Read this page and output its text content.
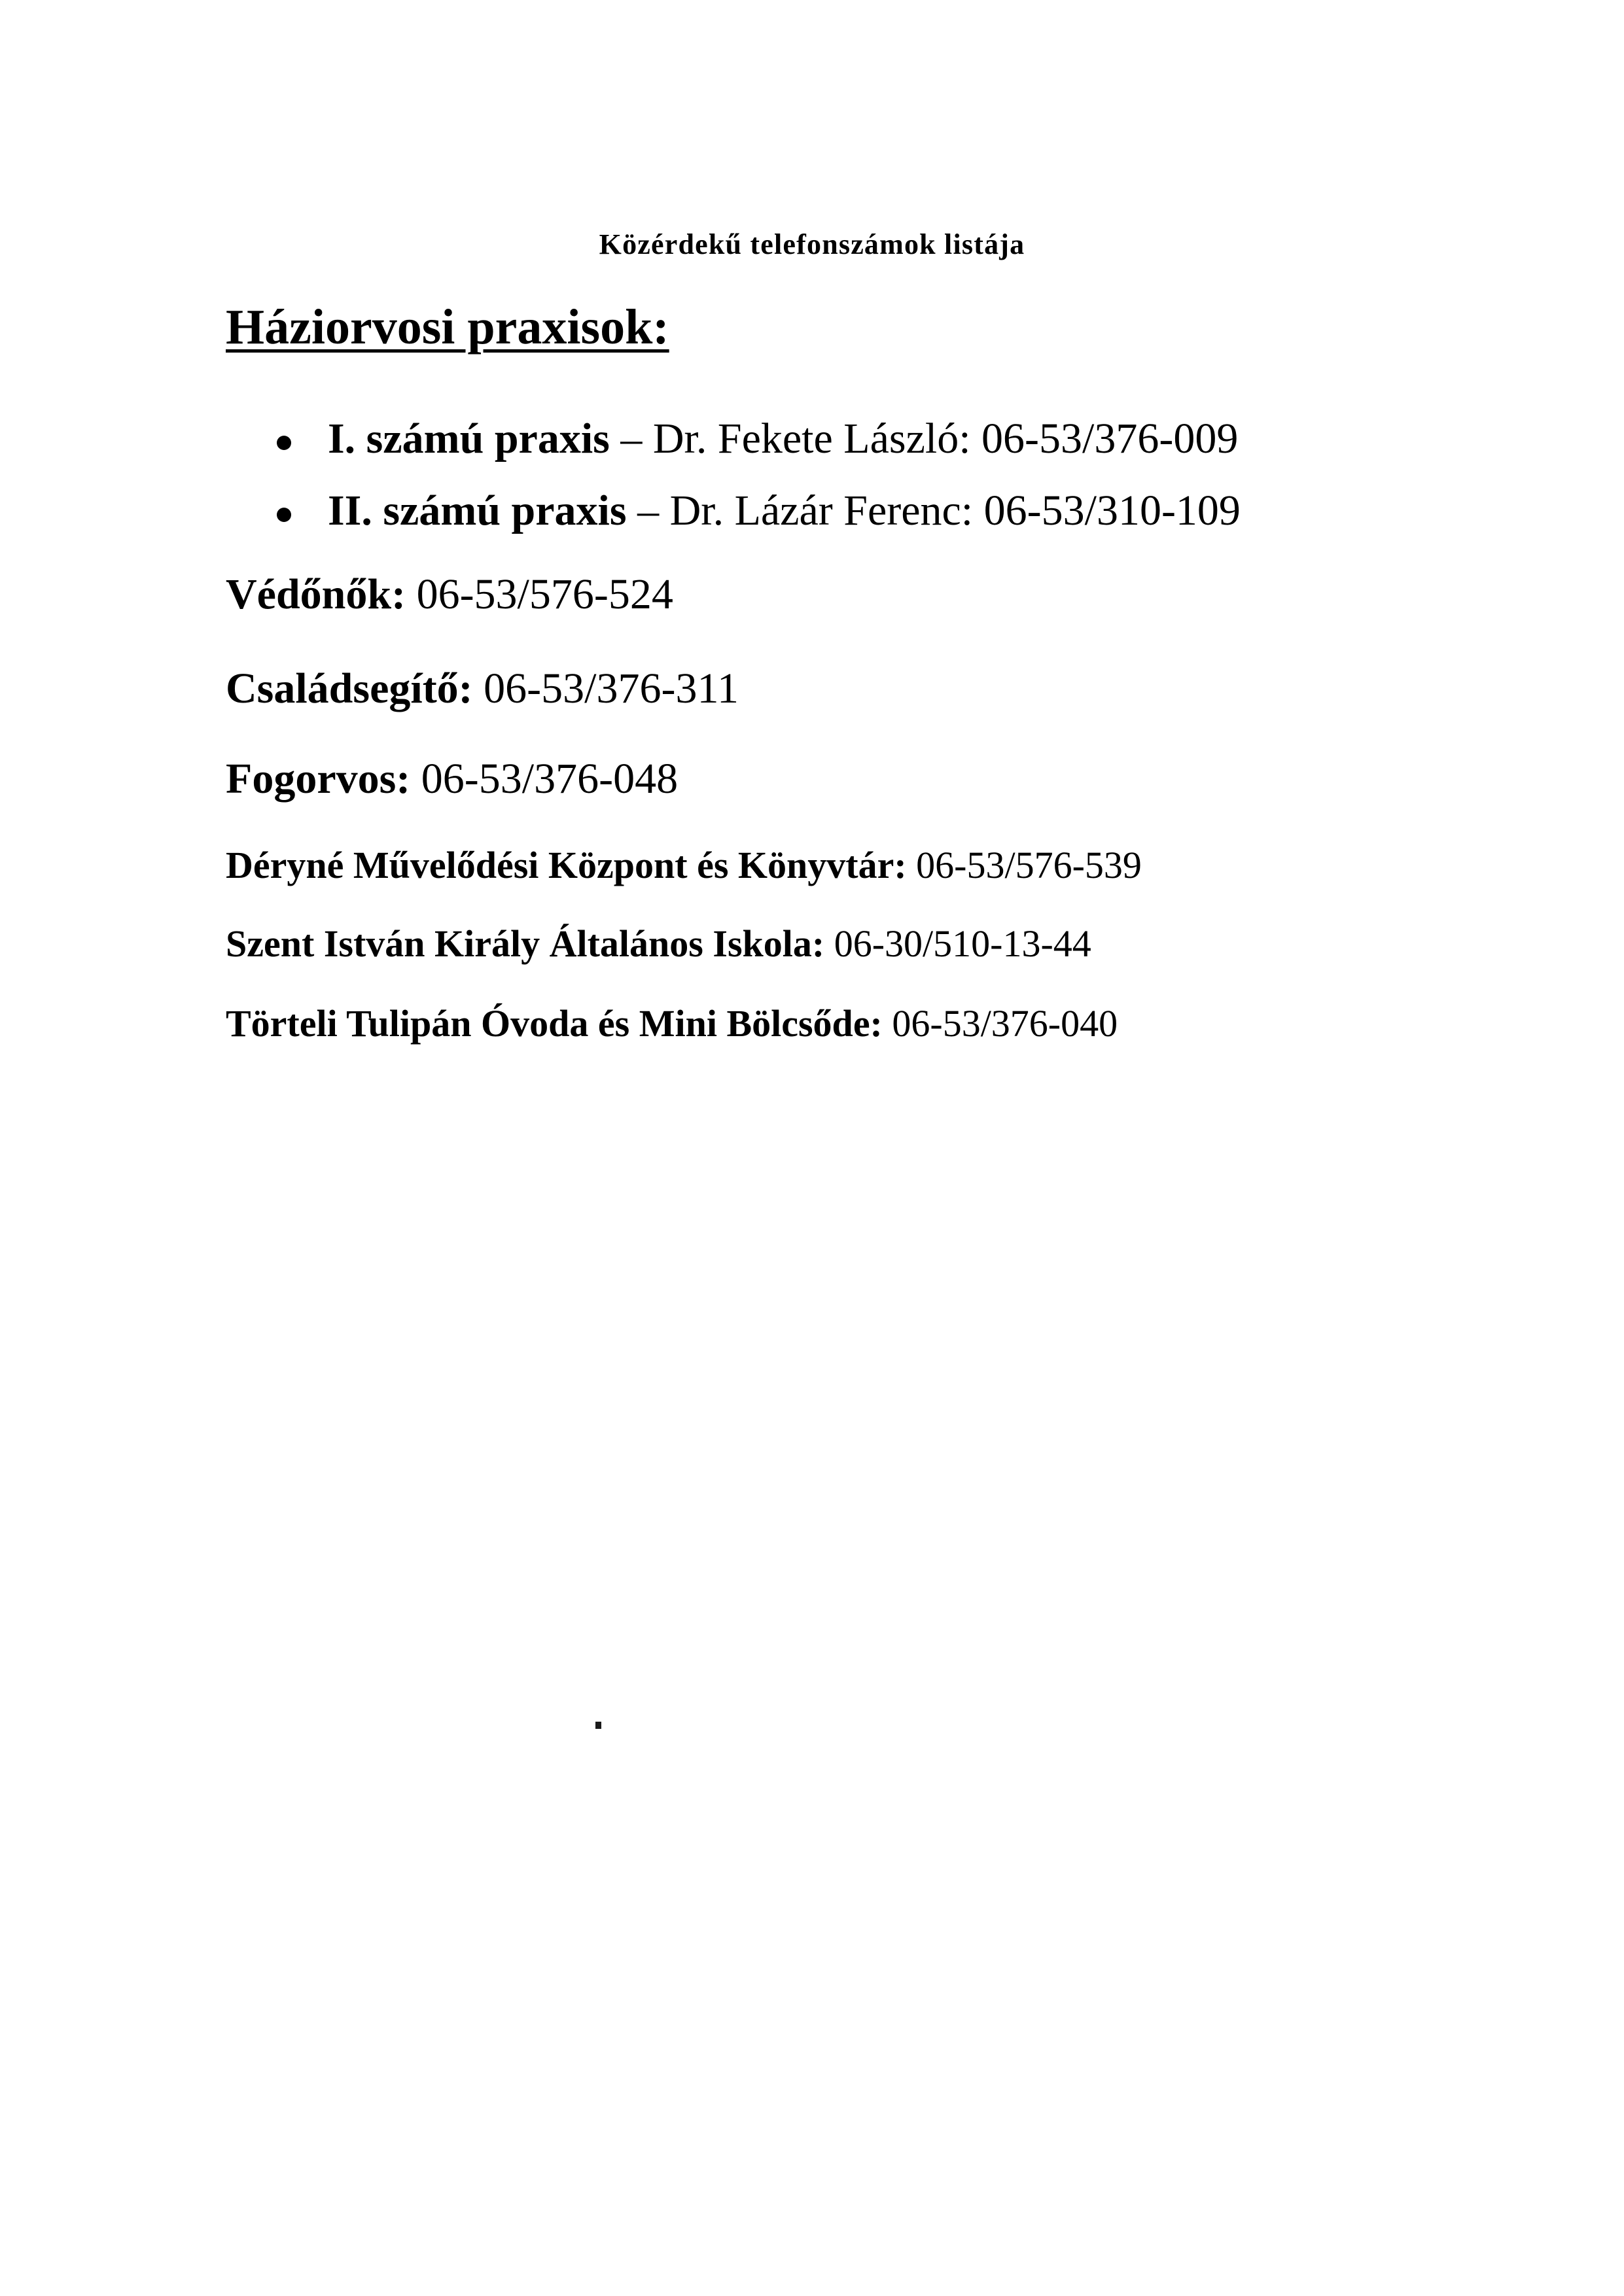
Közérdekű telefonszámok listája
Háziorvosi praxisok:
I. számú praxis – Dr. Fekete László: 06-53/376-009
II. számú praxis – Dr. Lázár Ferenc: 06-53/310-109
Védőnők: 06-53/576-524
Családsegítő: 06-53/376-311
Fogorvos: 06-53/376-048
Déryné Művelődési Központ és Könyvtár: 06-53/576-539
Szent István Király Általános Iskola: 06-30/510-13-44
Törteli Tulipán Óvoda és Mini Bölcsőde: 06-53/376-040
